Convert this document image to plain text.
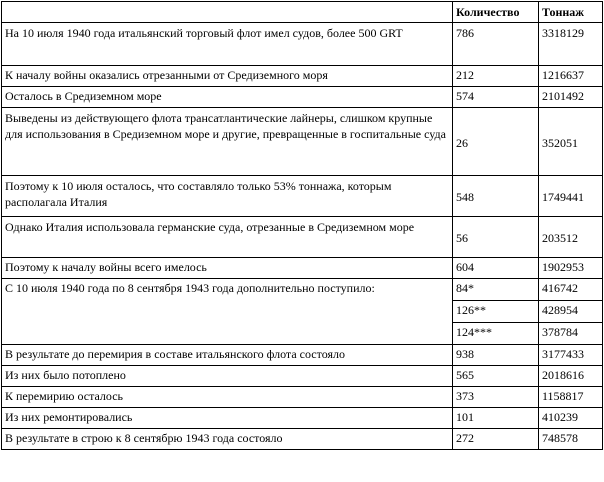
	Количество	Тоннаж
На 10 июля 1940 года итальянский торговый флот имел судов, более 500 GRT	786	3318129
К началу войны оказались отрезанными от Средиземного моря	212	1216637
Осталось в Средиземном море	574	2101492
Выведены из действующего флота трансатлантические лайнеры, слишком крупные для использования в Средиземном море и другие, превращенные в госпитальные суда	26	352051
Поэтому к 10 июля осталось, что составляло только 53% тоннажа, которым располагала Италия	548	1749441
Однако Италия использовала германские суда, отрезанные в Средиземном море	56	203512
Поэтому к началу войны всего имелось	604	1902953
С 10 июля 1940 года по 8 сентября 1943 года дополнительно поступило:	84*	416742
	126**	428954
	124***	378784
В результате до перемирия в составе итальянского флота состояло	938	3177433
Из них было потоплено	565	2018616
К перемирию осталось	373	1158817
Из них ремонтировались	101	410239
В результате в строю к 8 сентябрю 1943 года состояло	272	748578
